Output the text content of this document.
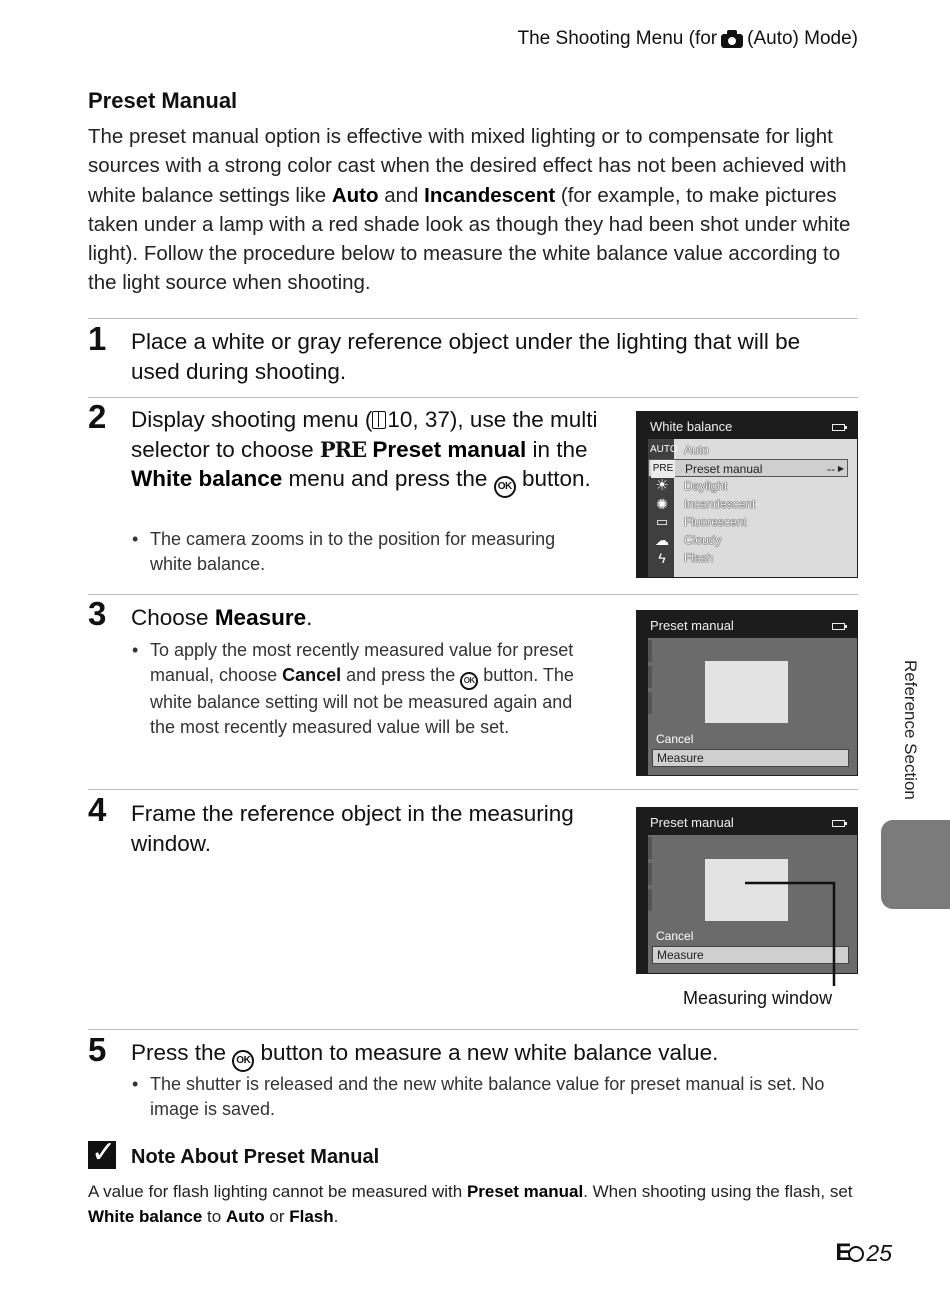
The Shooting Menu (for (Auto) Mode)
Preset Manual
The preset manual option is effective with mixed lighting or to compensate for light sources with a strong color cast when the desired effect has not been achieved with white balance settings like Auto and Incandescent (for example, to make pictures taken under a lamp with a red shade look as though they had been shot under white light). Follow the procedure below to measure the white balance value according to the light source when shooting.
1 Place a white or gray reference object under the lighting that will be used during shooting.
2 Display shooting menu ( 10, 37), use the multi selector to choose PRE Preset manual in the White balance menu and press the OK button.
• The camera zooms in to the position for measuring white balance.
White balance
AUTO Auto
PRE Preset manual	-- ▶
☀	Daylight
✺	Incandescent
▭	Fluorescent
☁	Cloudy
ϟ	Flash
3 Choose Measure.
• To apply the most recently measured value for preset manual, choose Cancel and press the OK button. The white balance setting will not be measured again and the most recently measured value will be set.
Preset manual
Cancel
Measure
4 Frame the reference object in the measuring window.
Preset manual
Cancel
Measure
Measuring window
5 Press the OK button to measure a new white balance value.
• The shutter is released and the new white balance value for preset manual is set. No image is saved.
Reference Section
✓
Note About Preset Manual
A value for flash lighting cannot be measured with Preset manual. When shooting using the flash, set White balance to Auto or Flash.
E 25
